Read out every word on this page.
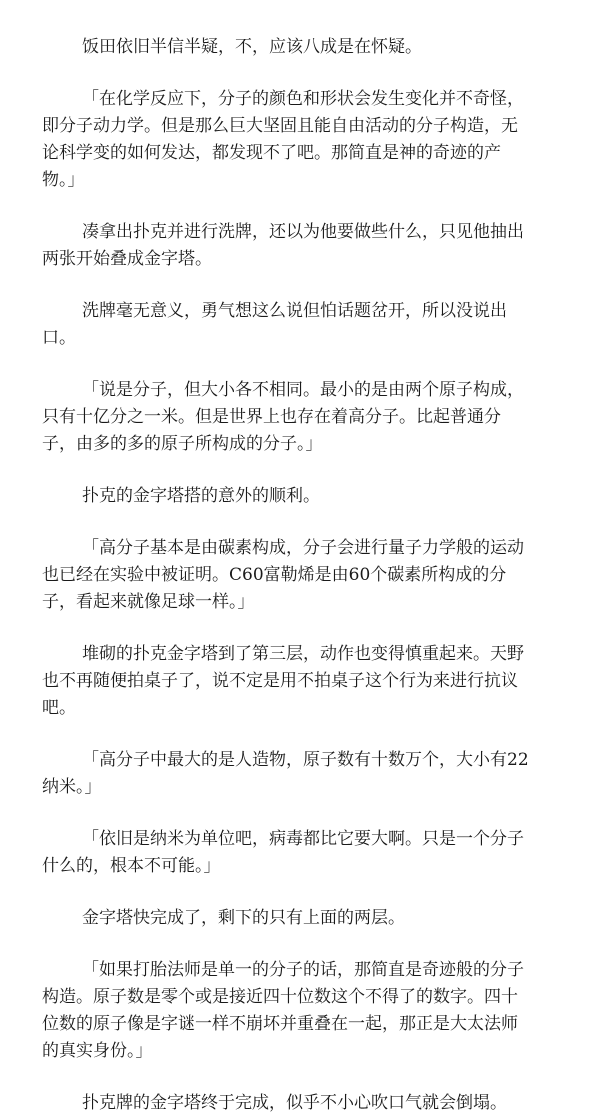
饭田依旧半信半疑，不，应该八成是在怀疑。

「在化学反应下，分子的颜色和形状会发生变化并不奇怪，即分子动力学。但是那么巨大坚固且能自由活动的分子构造，无论科学变的如何发达，都发现不了吧。那简直是神的奇迹的产物。」

凑拿出扑克并进行洗牌，还以为他要做些什么，只见他抽出两张开始叠成金字塔。

洗牌毫无意义，勇气想这么说但怕话题岔开，所以没说出口。

「说是分子，但大小各不相同。最小的是由两个原子构成，只有十亿分之一米。但是世界上也存在着高分子。比起普通分子，由多的多的原子所构成的分子。」

扑克的金字塔搭的意外的顺利。

「高分子基本是由碳素构成，分子会进行量子力学般的运动也已经在实验中被证明。C60富勒烯是由60个碳素所构成的分子，看起来就像足球一样。」

堆砌的扑克金字塔到了第三层，动作也变得慎重起来。天野也不再随便拍桌子了，说不定是用不拍桌子这个行为来进行抗议吧。

「高分子中最大的是人造物，原子数有十数万个，大小有22纳米。」

「依旧是纳米为单位吧，病毒都比它要大啊。只是一个分子什么的，根本不可能。」

金字塔快完成了，剩下的只有上面的两层。

「如果打胎法师是单一的分子的话，那简直是奇迹般的分子构造。原子数是零个或是接近四十位数这个不得了的数字。四十位数的原子像是字谜一样不崩坏并重叠在一起，那正是大太法师的真实身份。」

扑克牌的金字塔终于完成，似乎不小心吹口气就会倒塌。
